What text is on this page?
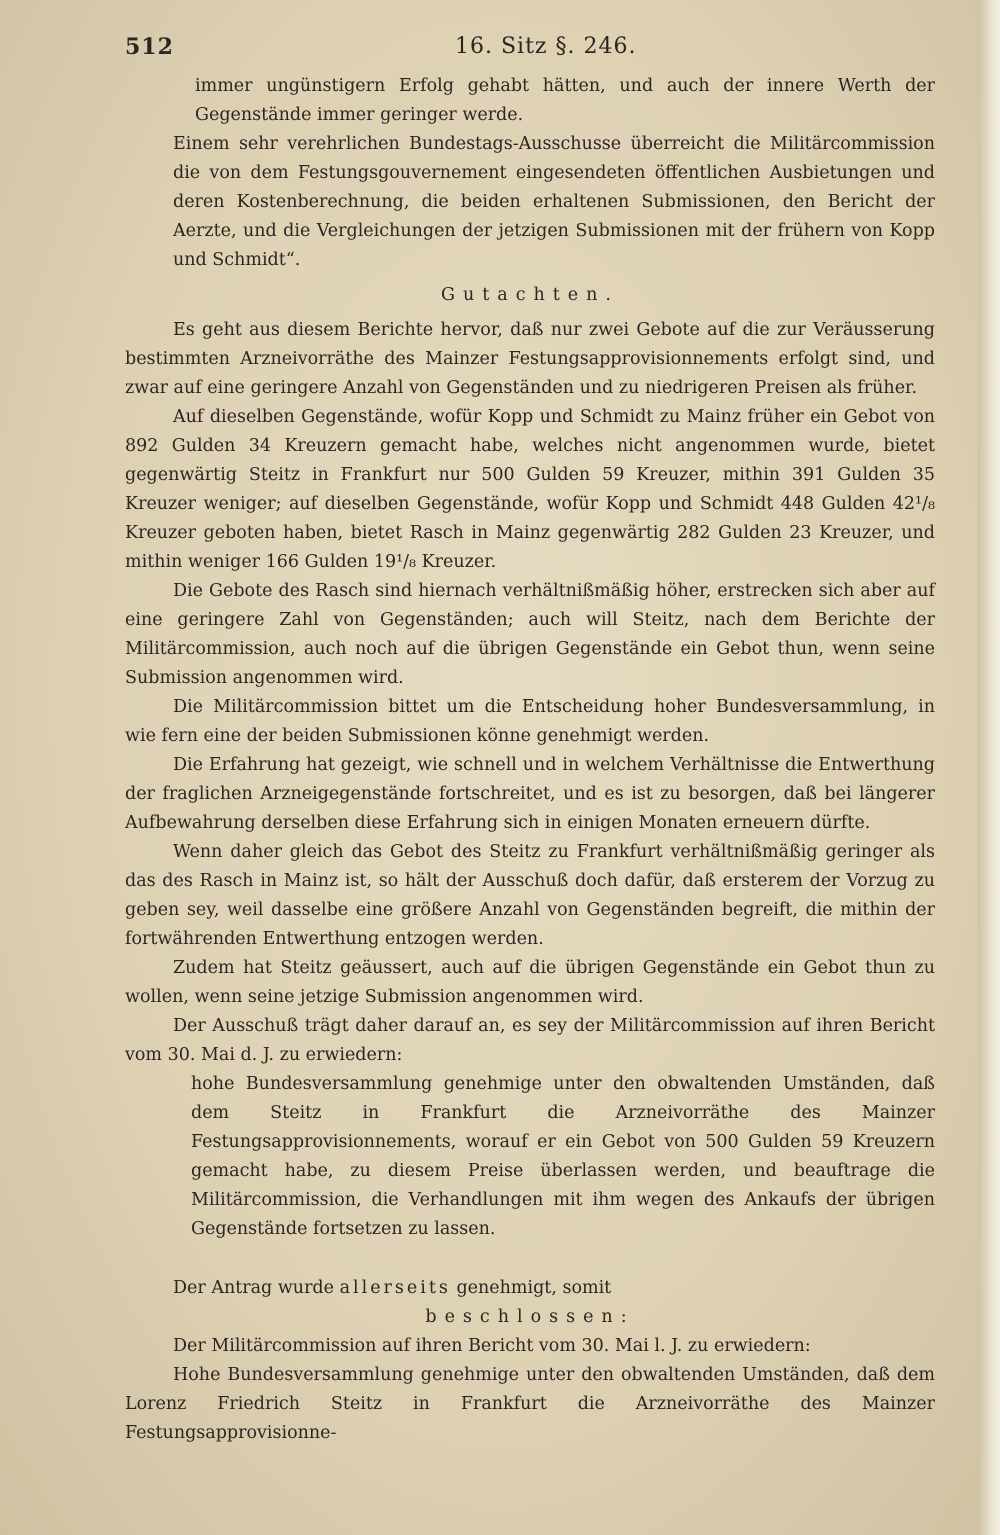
512	16. Sitz §. 246.

immer ungünstigern Erfolg gehabt hätten, und auch der innere Werth der Gegenstände immer geringer werde.

Einem sehr verehrlichen Bundestags-Ausschusse überreicht die Militärcommission die von dem Festungsgouvernement eingesendeten öffentlichen Ausbietungen und deren Kostenberechnung, die beiden erhaltenen Submissionen, den Bericht der Aerzte, und die Vergleichungen der jetzigen Submissionen mit der frühern von Kopp und Schmidt“.

Gutachten.

Es geht aus diesem Berichte hervor, daß nur zwei Gebote auf die zur Veräusserung bestimmten Arzneivorräthe des Mainzer Festungsapprovisionnements erfolgt sind, und zwar auf eine geringere Anzahl von Gegenständen und zu niedrigeren Preisen als früher.

Auf dieselben Gegenstände, wofür Kopp und Schmidt zu Mainz früher ein Gebot von 892 Gulden 34 Kreuzern gemacht habe, welches nicht angenommen wurde, bietet gegenwärtig Steitz in Frankfurt nur 500 Gulden 59 Kreuzer, mithin 391 Gulden 35 Kreuzer weniger; auf dieselben Gegenstände, wofür Kopp und Schmidt 448 Gulden 42¹/₈ Kreuzer geboten haben, bietet Rasch in Mainz gegenwärtig 282 Gulden 23 Kreuzer, und mithin weniger 166 Gulden 19¹/₈ Kreuzer.

Die Gebote des Rasch sind hiernach verhältnißmäßig höher, erstrecken sich aber auf eine geringere Zahl von Gegenständen; auch will Steitz, nach dem Berichte der Militärcommission, auch noch auf die übrigen Gegenstände ein Gebot thun, wenn seine Submission angenommen wird.

Die Militärcommission bittet um die Entscheidung hoher Bundesversammlung, in wie fern eine der beiden Submissionen könne genehmigt werden.

Die Erfahrung hat gezeigt, wie schnell und in welchem Verhältnisse die Entwerthung der fraglichen Arzneigegenstände fortschreitet, und es ist zu besorgen, daß bei längerer Aufbewahrung derselben diese Erfahrung sich in einigen Monaten erneuern dürfte.

Wenn daher gleich das Gebot des Steitz zu Frankfurt verhältnißmäßig geringer als das des Rasch in Mainz ist, so hält der Ausschuß doch dafür, daß ersterem der Vorzug zu geben sey, weil dasselbe eine größere Anzahl von Gegenständen begreift, die mithin der fortwährenden Entwerthung entzogen werden.

Zudem hat Steitz geäussert, auch auf die übrigen Gegenstände ein Gebot thun zu wollen, wenn seine jetzige Submission angenommen wird.

Der Ausschuß trägt daher darauf an, es sey der Militärcommission auf ihren Bericht vom 30. Mai d. J. zu erwiedern:

hohe Bundesversammlung genehmige unter den obwaltenden Umständen, daß dem Steitz in Frankfurt die Arzneivorräthe des Mainzer Festungsapprovisionnements, worauf er ein Gebot von 500 Gulden 59 Kreuzern gemacht habe, zu diesem Preise überlassen werden, und beauftrage die Militärcommission, die Verhandlungen mit ihm wegen des Ankaufs der übrigen Gegenstände fortsetzen zu lassen.

Der Antrag wurde allerseits genehmigt, somit

beschlossen:

Der Militärcommission auf ihren Bericht vom 30. Mai l. J. zu erwiedern:

Hohe Bundesversammlung genehmige unter den obwaltenden Umständen, daß dem Lorenz Friedrich Steitz in Frankfurt die Arzneivorräthe des Mainzer Festungsapprovisionne-
